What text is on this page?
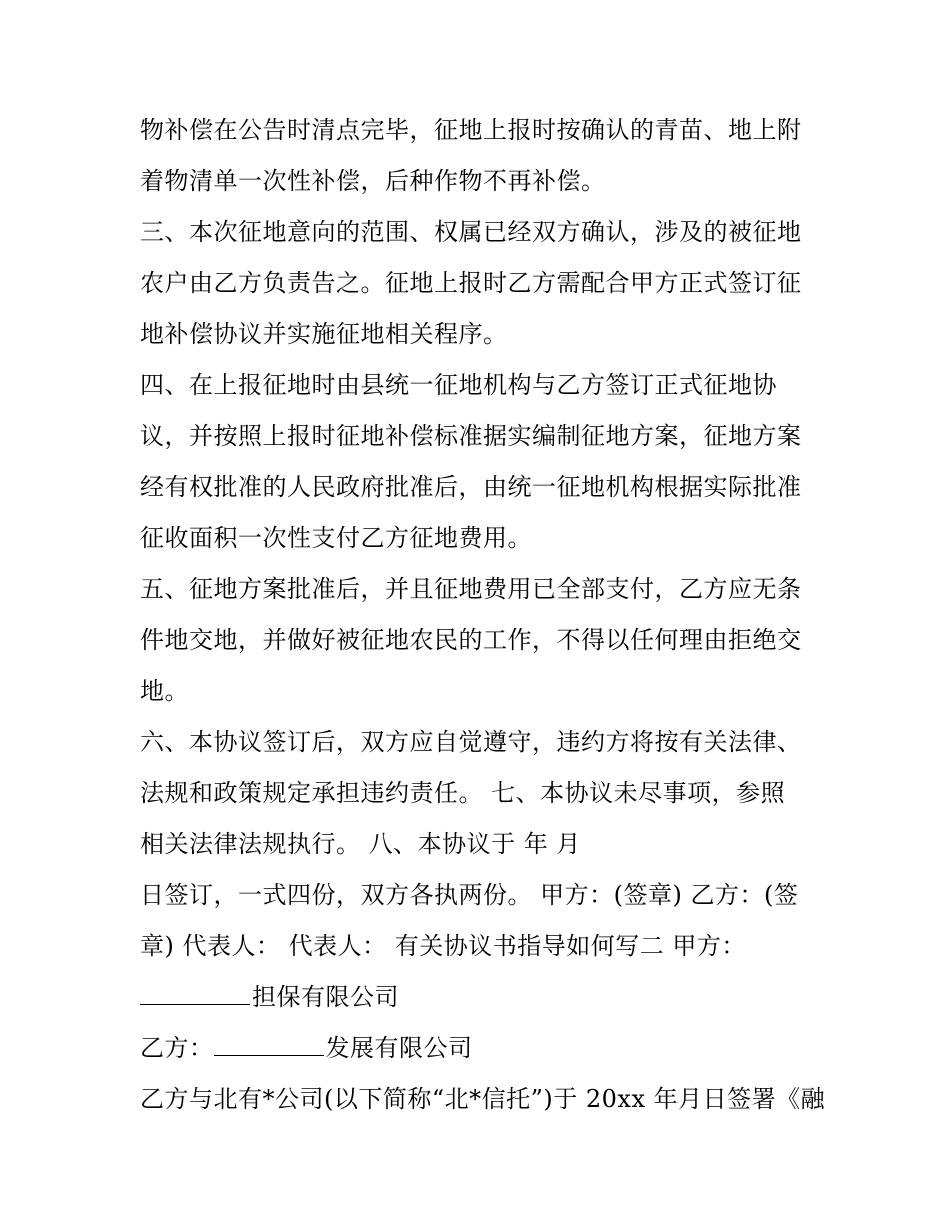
物补偿在公告时清点完毕，征地上报时按确认的青苗、地上附
着物清单一次性补偿，后种作物不再补偿。
三、本次征地意向的范围、权属已经双方确认，涉及的被征地
农户由乙方负责告之。征地上报时乙方需配合甲方正式签订征
地补偿协议并实施征地相关程序。
四、在上报征地时由县统一征地机构与乙方签订正式征地协
议，并按照上报时征地补偿标准据实编制征地方案，征地方案
经有权批准的人民政府批准后，由统一征地机构根据实际批准
征收面积一次性支付乙方征地费用。
五、征地方案批准后，并且征地费用已全部支付，乙方应无条
件地交地，并做好被征地农民的工作，不得以任何理由拒绝交
地。
六、本协议签订后，双方应自觉遵守，违约方将按有关法律、
法规和政策规定承担违约责任。 七、本协议未尽事项，参照
相关法律法规执行。 八、本协议于 年 月
日签订，一式四份，双方各执两份。 甲方：(签章) 乙方：(签
章) 代表人： 代表人： 有关协议书指导如何写二 甲方：
担保有限公司
乙方：	发展有限公司
乙方与北有*公司(以下简称“北*信托”)于 20xx 年月日签署《融
